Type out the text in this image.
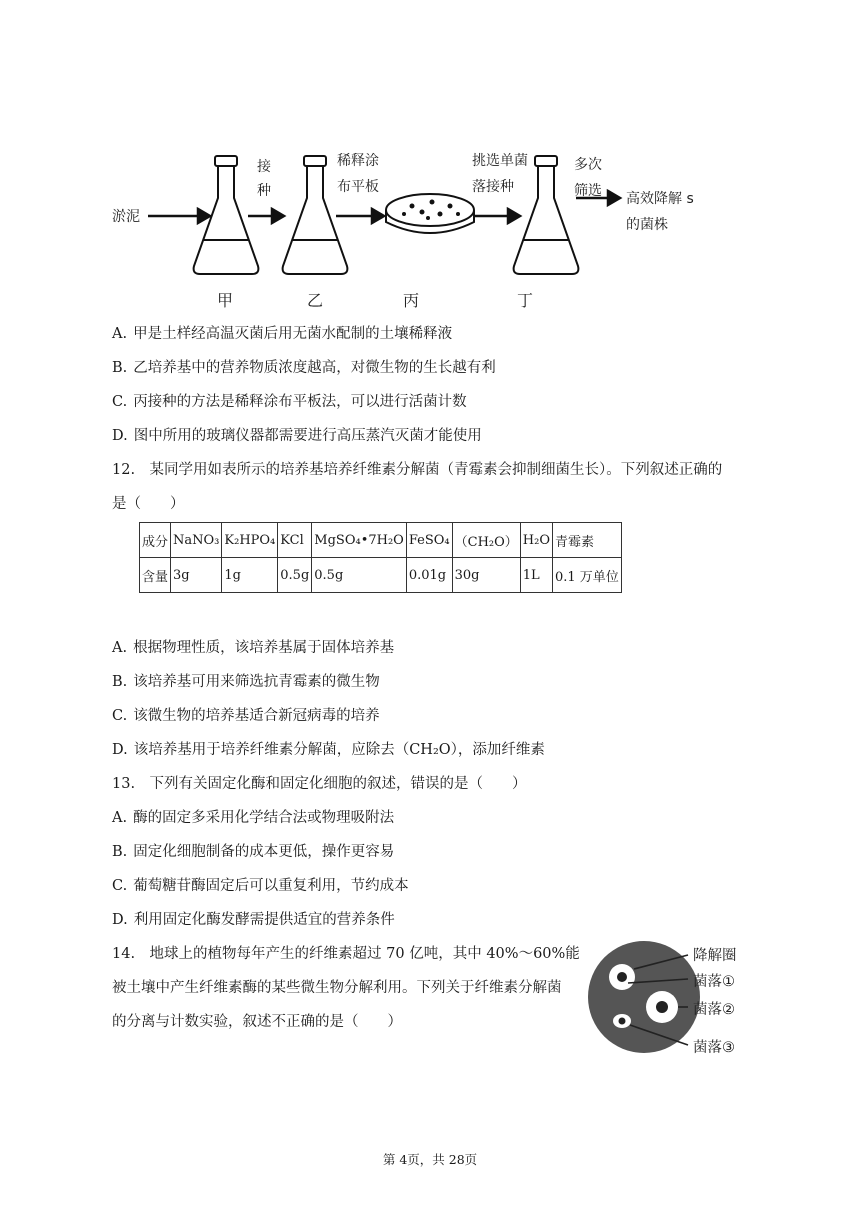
淤泥
接
种
稀释涂
布平板
挑选单菌
落接种
多次
筛选 高效降解 s
的菌株
甲	乙	丙	丁
A. 甲是土样经高温灭菌后用无菌水配制的土壤稀释液
B. 乙培养基中的营养物质浓度越高，对微生物的生长越有利
C. 丙接种的方法是稀释涂布平板法，可以进行活菌计数
D. 图中所用的玻璃仪器都需要进行高压蒸汽灭菌才能使用
12.　某同学用如表所示的培养基培养纤维素分解菌（青霉素会抑制细菌生长）。下列叙述正确的
是（　　）
成分	NaNO₃	K₂HPO₄	KCl	MgSO₄•7H₂O	FeSO₄	（CH₂O）	H₂O	青霉素
含量	3g	1g	0.5g	0.5g	0.01g	30g	1L	0.1 万单位
A. 根据物理性质，该培养基属于固体培养基
B. 该培养基可用来筛选抗青霉素的微生物
C. 该微生物的培养基适合新冠病毒的培养
D. 该培养基用于培养纤维素分解菌，应除去（CH₂O），添加纤维素
13.　下列有关固定化酶和固定化细胞的叙述，错误的是（　　）
A. 酶的固定多采用化学结合法或物理吸附法
B. 固定化细胞制备的成本更低，操作更容易
C. 葡萄糖苷酶固定后可以重复利用，节约成本
D. 利用固定化酶发酵需提供适宜的营养条件
14.　地球上的植物每年产生的纤维素超过 70 亿吨，其中 40%～60%能
被土壤中产生纤维素酶的某些微生物分解利用。下列关于纤维素分解菌
的分离与计数实验，叙述不正确的是（　　）
降解圈
菌落①
菌落②
菌落③
第 4页，共 28页
